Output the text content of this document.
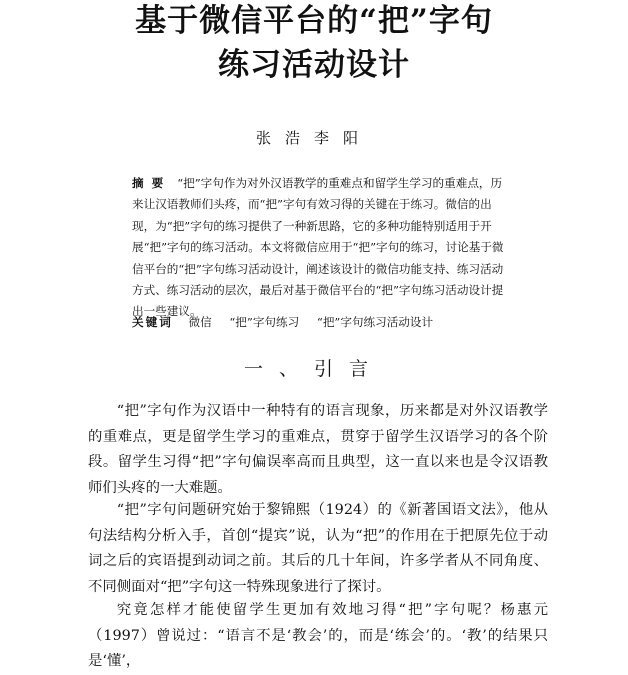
基于微信平台的“把”字句
练习活动设计
张浩李阳
摘 要 “把”字句作为对外汉语教学的重难点和留学生学习的重难点，历来让汉语教师们头疼，而“把”字句有效习得的关键在于练习。微信的出现，为“把”字句的练习提供了一种新思路，它的多种功能特别适用于开展“把”字句的练习活动。本文将微信应用于“把”字句的练习，讨论基于微信平台的“把”字句练习活动设计，阐述该设计的微信功能支持、练习活动方式、练习活动的层次，最后对基于微信平台的“把”字句练习活动设计提出一些建议。
关键词 微信 “把”字句练习 “把”字句练习活动设计
一、引言

“把”字句作为汉语中一种特有的语言现象，历来都是对外汉语教学的重难点，更是留学生学习的重难点，贯穿于留学生汉语学习的各个阶段。留学生习得“把”字句偏误率高而且典型，这一直以来也是令汉语教师们头疼的一大难题。

“把”字句问题研究始于黎锦熙（1924）的《新著国语文法》，他从句法结构分析入手，首创“提宾”说，认为“把”的作用在于把原先位于动词之后的宾语提到动词之前。其后的几十年间，许多学者从不同角度、不同侧面对“把”字句这一特殊现象进行了探讨。

究竟怎样才能使留学生更加有效地习得“把”字句呢？杨惠元（1997）曾说过：“语言不是‘教会’的，而是‘练会’的。‘教’的结果只是‘懂’，
